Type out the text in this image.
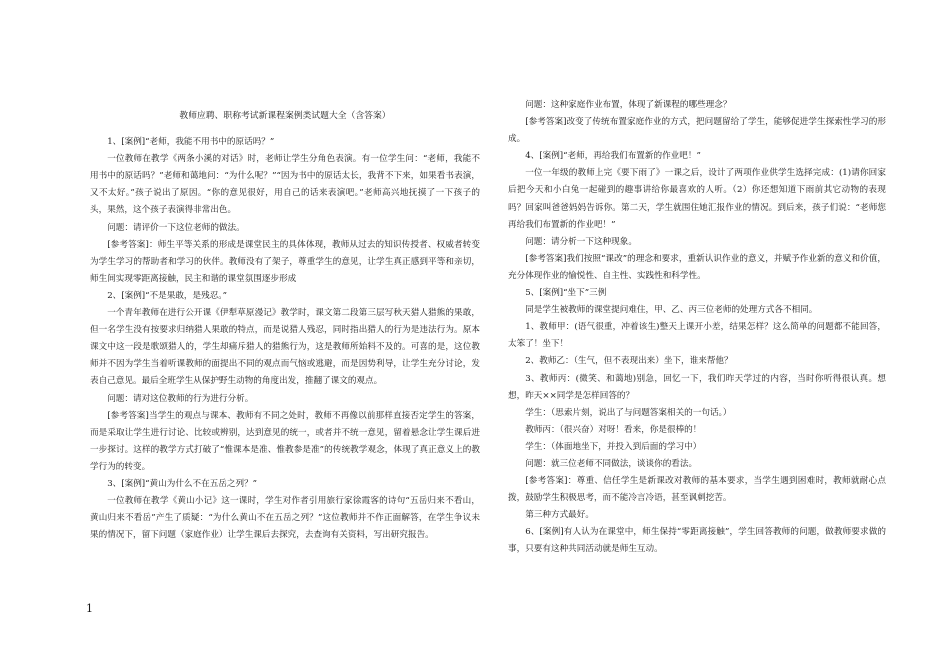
教师应聘、职称考试新课程案例类试题大全（含答案）

1、[案例]“老师，我能不用书中的原话吗？”

一位教师在教学《两条小溪的对话》时，老师让学生分角色表演。有一位学生问：“老师，我能不用书中的原话吗？”老师和蔼地问：“为什么呢？”“因为书中的原话太长，我背不下来，如果看书表演，又不太好。”孩子说出了原因。“你的意见很好，用自己的话来表演吧。”老师高兴地抚摸了一下孩子的头，果然，这个孩子表演得非常出色。

问题：请评价一下这位老师的做法。

[参考答案]：师生平等关系的形成是课堂民主的具体体现，教师从过去的知识传授者、权威者转变为学生学习的帮助者和学习的伙伴。教师没有了架子，尊重学生的意见，让学生真正感到平等和亲切，师生间实现零距离接触，民主和谐的课堂氛围逐步形成

2、[案例]“不是果敢，是残忍。”

一个青年教师在进行公开课《伊犁草原漫记》教学时，课文第二段第三层写秋天猎人猎熊的果敢，但一名学生没有按要求归纳猎人果敢的特点，而是说猎人残忍，同时指出猎人的行为是违法行为。原本课文中这一段是歌颂猎人的，学生却痛斥猎人的猎熊行为，这是教师所始料不及的。可喜的是，这位教师并不因为学生当着听课教师的面提出不同的观点而气恼或逃避，而是因势利导，让学生充分讨论，发表自己意见。最后全班学生从保护野生动物的角度出发，推翻了课文的观点。

问题：请对这位教师的行为进行分析。

[参考答案]当学生的观点与课本、教师有不同之处时，教师不再像以前那样直接否定学生的答案，而是采取让学生进行讨论、比较或辨别，达到意见的统一，或者并不统一意见，留着悬念让学生课后进一步探讨。这样的教学方式打破了“惟课本是准、惟教参是准”的传统教学观念，体现了真正意义上的教学行为的转变。

3、[案例]“黄山为什么不在五岳之列？”

一位教师在教学《黄山小记》这一课时，学生对作者引用旅行家徐霞客的诗句“五岳归来不看山，黄山归来不看岳”产生了质疑：“为什么黄山不在五岳之列？”这位教师并不作正面解答，在学生争议未果的情况下，留下问题（家庭作业）让学生课后去探究，去查询有关资料，写出研究报告。

问题：这种家庭作业布置，体现了新课程的哪些理念？

[参考答案]改变了传统布置家庭作业的方式，把问题留给了学生，能够促进学生探索性学习的形成。

4、[案例]“老师，再给我们布置新的作业吧！”

一位一年级的教师上完《要下雨了》一课之后，设计了两项作业供学生选择完成：(1)请你回家后把今天和小白兔一起碰到的趣事讲给你最喜欢的人听。（2）你还想知道下雨前其它动物的表现吗？回家叫爸爸妈妈告诉你。第二天，学生就围住她汇报作业的情况。到后来，孩子们说：“老师您再给我们布置新的作业吧！”

问题：请分析一下这种现象。

[参考答案]我们按照“课改”的理念和要求，重新认识作业的意义，并赋予作业新的意义和价值，充分体现作业的愉悦性、自主性、实践性和科学性。

5、[案例]“坐下”三例

同是学生被教师的课堂提问难住，甲、乙、丙三位老师的处理方式各不相同。

1、教师甲：(语气很重，冲着该生)整天上课开小差，结果怎样？这么简单的问题都不能回答，太笨了！坐下！

2、教师乙：（生气，但不表现出来）坐下，谁来帮他？

3、教师丙：(微笑、和蔼地)别急，回忆一下，我们昨天学过的内容，当时你听得很认真。想想，昨天××同学是怎样回答的？

学生：（思索片刻，说出了与问题答案相关的一句话。）

教师丙：（很兴奋）对呀！看来，你是很棒的！

学生：（体面地坐下，并投入到后面的学习中）

问题：就三位老师不同做法，谈谈你的看法。

[参考答案]：尊重、信任学生是新课改对教师的基本要求，当学生遇到困难时，教师就耐心点拨，鼓励学生积极思考，而不能冷言冷语，甚至讽刺挖苦。

第三种方式最好。

6、[案例]有人认为在课堂中，师生保持“零距离接触”，学生回答教师的问题，做教师要求做的事，只要有这种共同活动就是师生互动。

1
